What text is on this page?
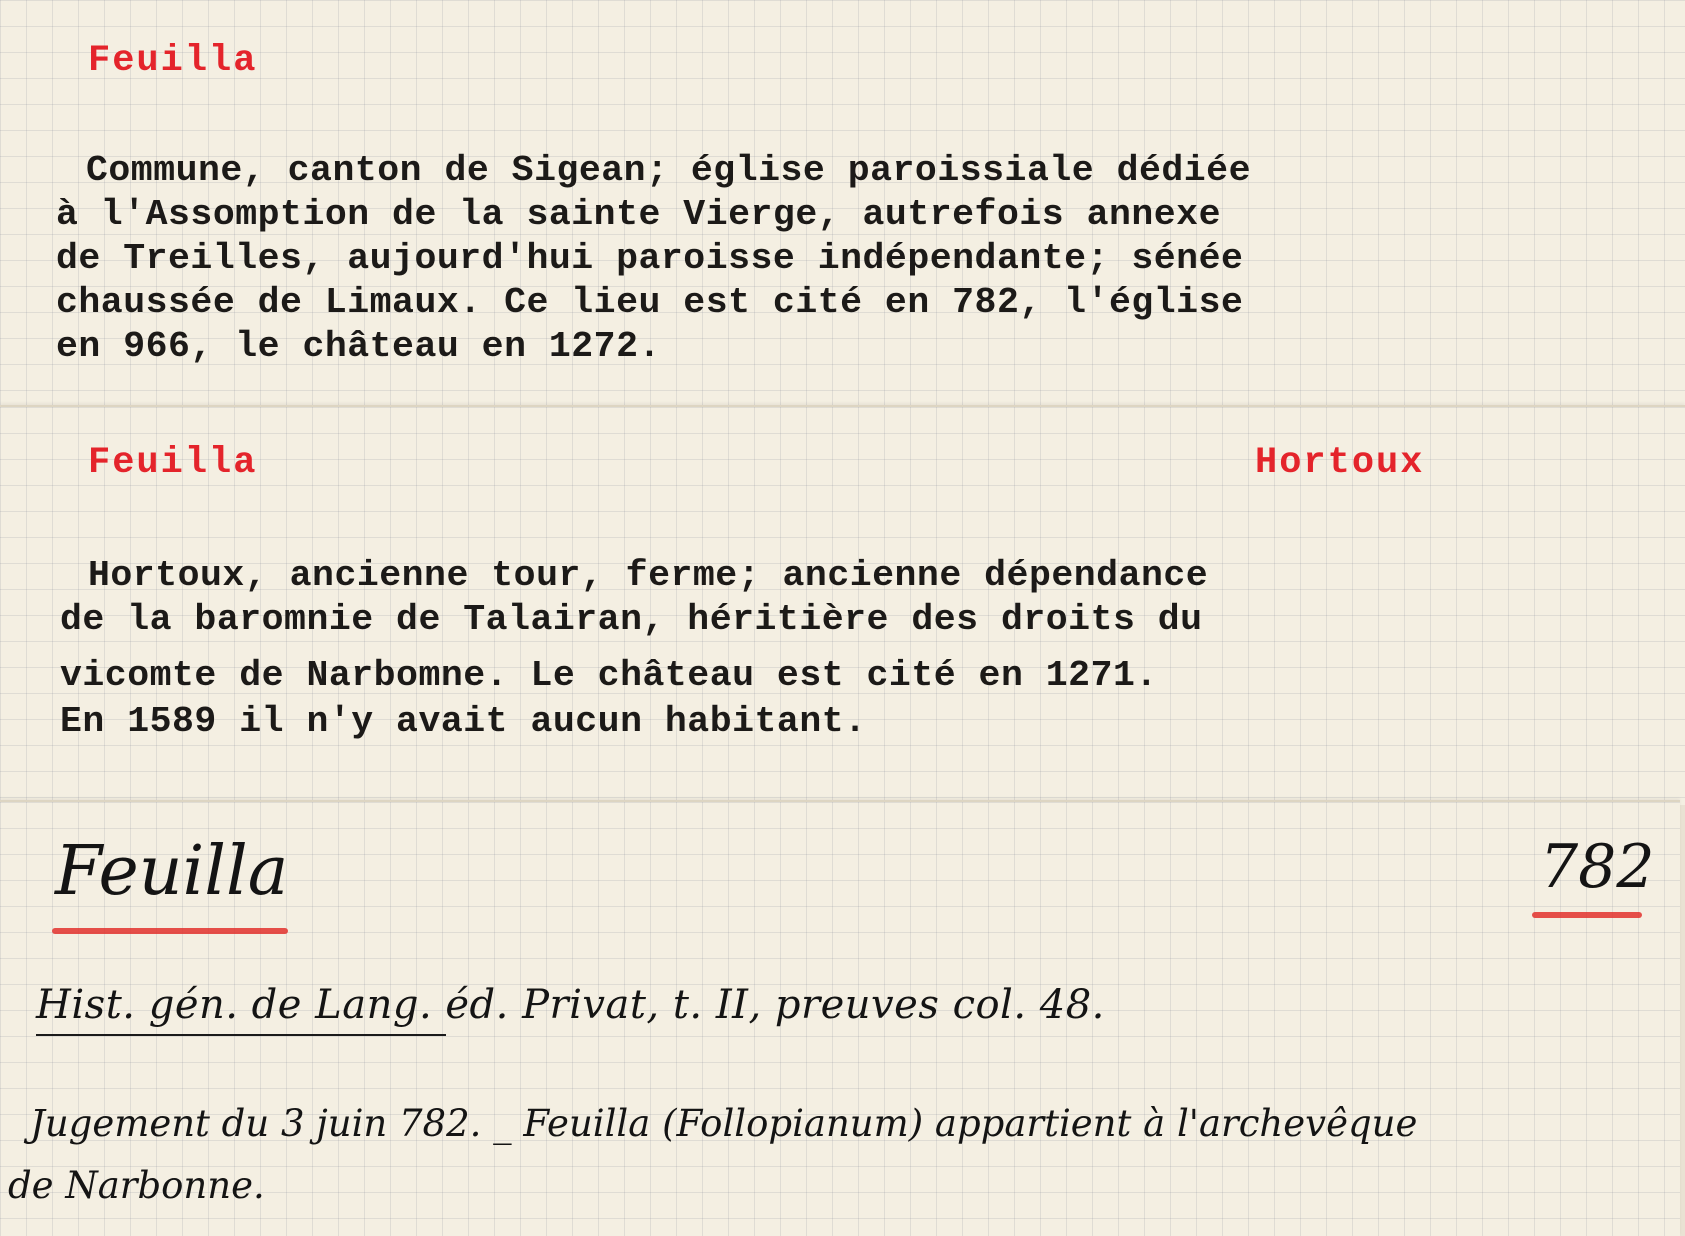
Feuilla
Commune, canton de Sigean; église paroissiale dédiée
à l'Assomption de la sainte Vierge, autrefois annexe
de Treilles, aujourd'hui paroisse indépendante; sénée
chaussée de Limaux. Ce lieu est cité en 782, l'église
en 966, le château en 1272.
Feuilla	Hortoux
Hortoux, ancienne tour, ferme; ancienne dépendance
de la baromnie de Talairan, héritière des droits du
vicomte de Narbomne. Le château est cité en 1271.
En 1589 il n'y avait aucun habitant.
Feuilla	782
Hist. gén. de Lang. éd. Privat, t. II, preuves col. 48.
Jugement du 3 juin 782. _ Feuilla (Follopianum) appartient à l'archevêque
de Narbonne.
